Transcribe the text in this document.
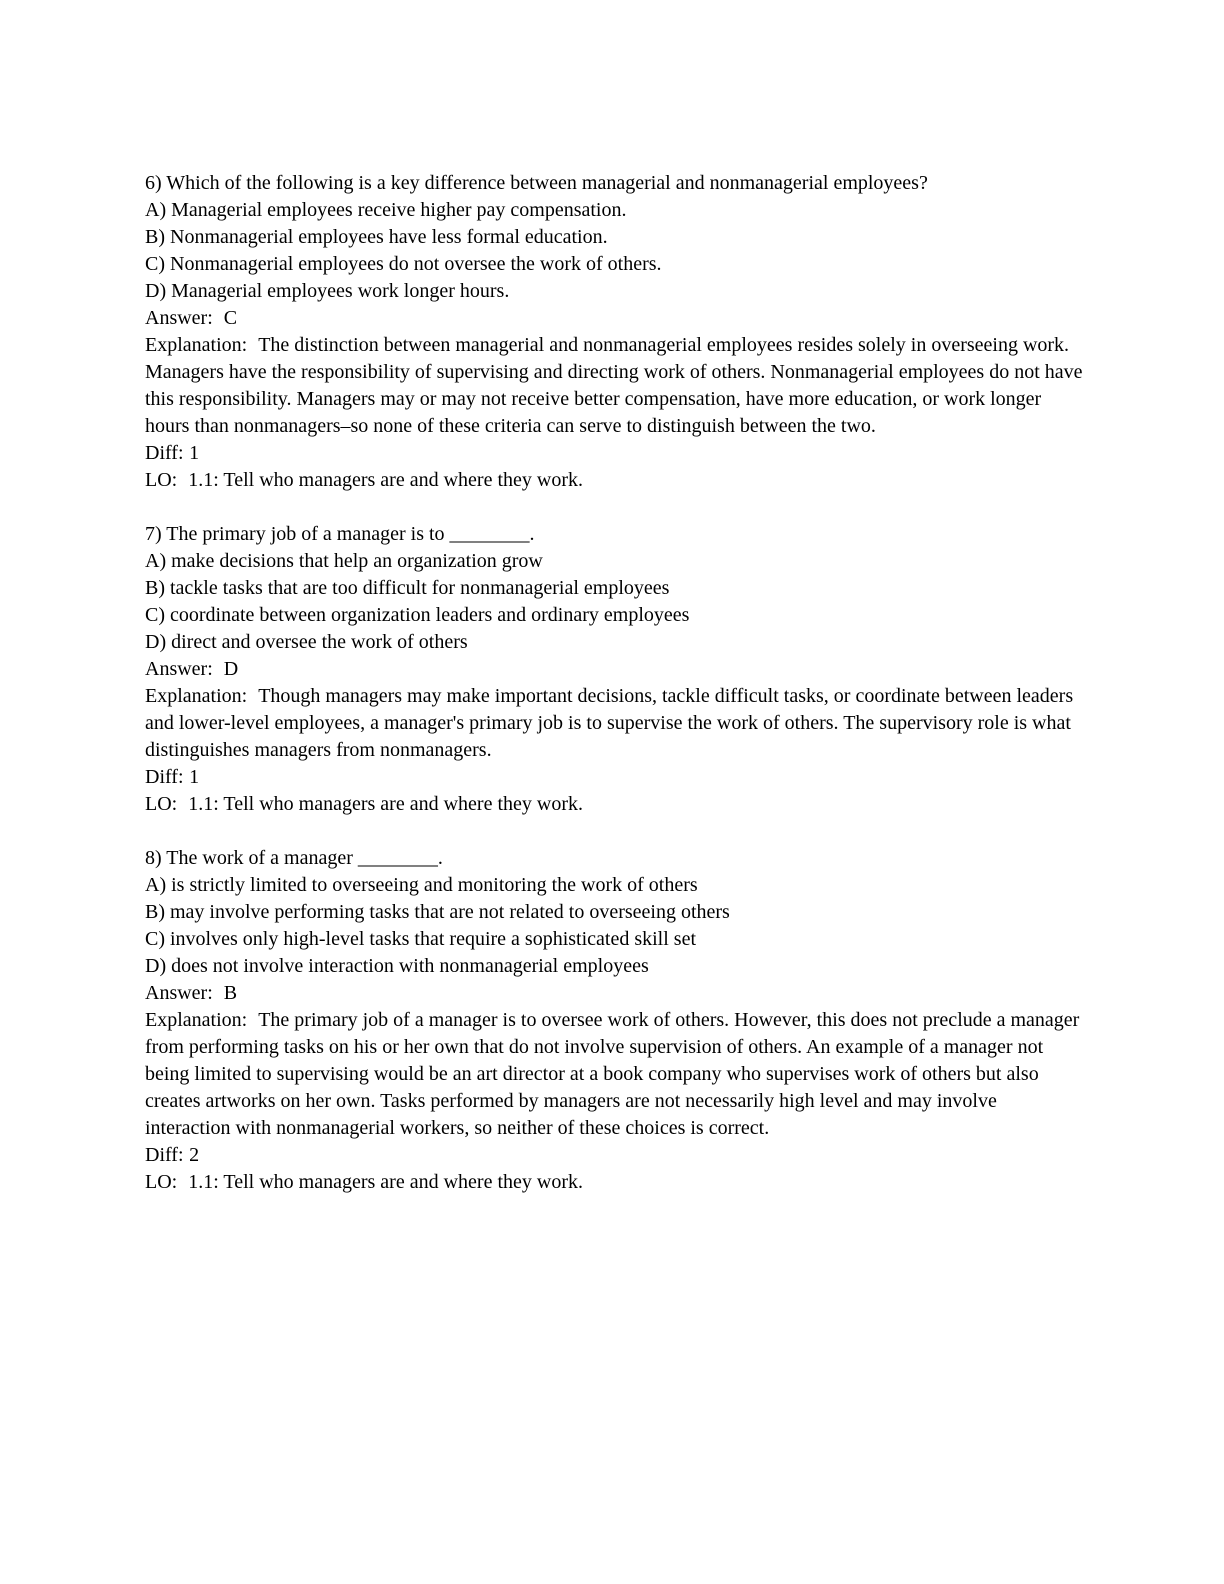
6) Which of the following is a key difference between managerial and nonmanagerial employees?

A) Managerial employees receive higher pay compensation.

B) Nonmanagerial employees have less formal education.

C) Nonmanagerial employees do not oversee the work of others.

D) Managerial employees work longer hours.

Answer: C

Explanation: The distinction between managerial and nonmanagerial employees resides solely in overseeing work. Managers have the responsibility of supervising and directing work of others. Nonmanagerial employees do not have this responsibility. Managers may or may not receive better compensation, have more education, or work longer hours than nonmanagers–so none of these criteria can serve to distinguish between the two.

Diff: 1

LO: 1.1: Tell who managers are and where they work.

7) The primary job of a manager is to ________.

A) make decisions that help an organization grow

B) tackle tasks that are too difficult for nonmanagerial employees

C) coordinate between organization leaders and ordinary employees

D) direct and oversee the work of others

Answer: D

Explanation: Though managers may make important decisions, tackle difficult tasks, or coordinate between leaders and lower-level employees, a manager's primary job is to supervise the work of others. The supervisory role is what distinguishes managers from nonmanagers.

Diff: 1

LO: 1.1: Tell who managers are and where they work.

8) The work of a manager ________.

A) is strictly limited to overseeing and monitoring the work of others

B) may involve performing tasks that are not related to overseeing others

C) involves only high-level tasks that require a sophisticated skill set

D) does not involve interaction with nonmanagerial employees

Answer: B

Explanation: The primary job of a manager is to oversee work of others. However, this does not preclude a manager from performing tasks on his or her own that do not involve supervision of others. An example of a manager not being limited to supervising would be an art director at a book company who supervises work of others but also creates artworks on her own. Tasks performed by managers are not necessarily high level and may involve interaction with nonmanagerial workers, so neither of these choices is correct.

Diff: 2

LO: 1.1: Tell who managers are and where they work.
